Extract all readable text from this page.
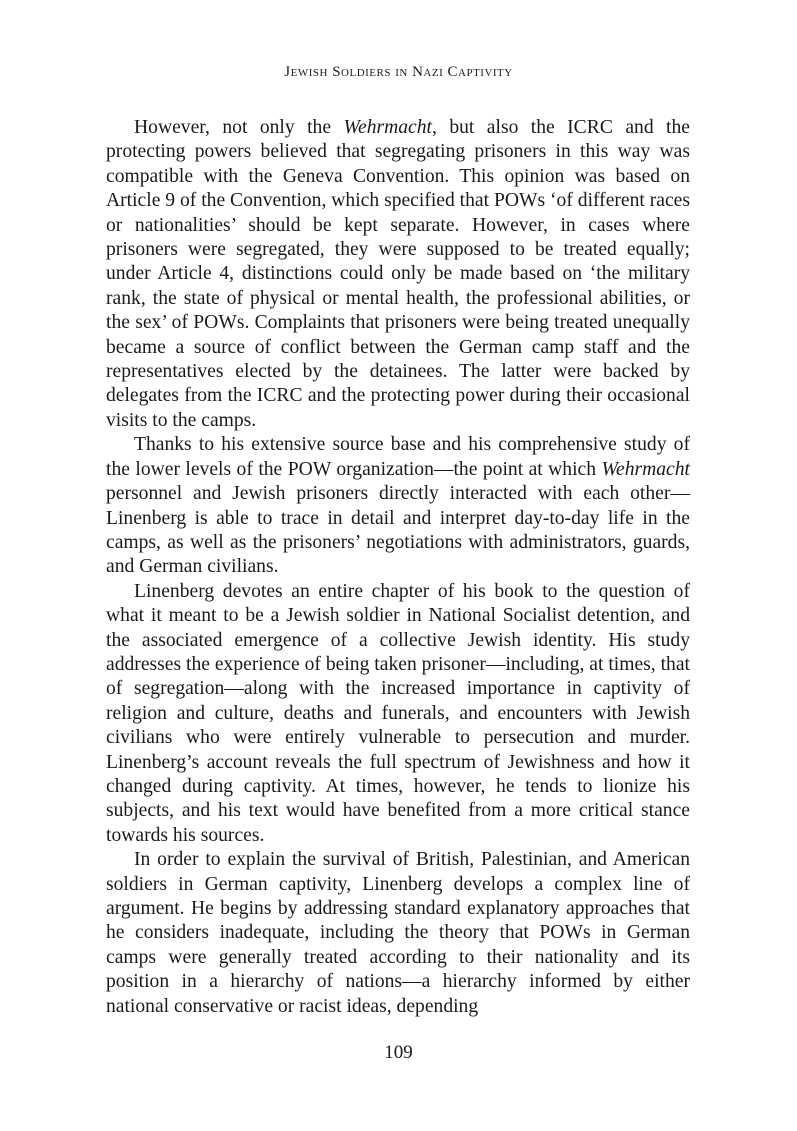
Jewish Soldiers in Nazi Captivity

However, not only the Wehrmacht, but also the ICRC and the protecting powers believed that segregating prisoners in this way was compatible with the Geneva Convention. This opinion was based on Article 9 of the Convention, which specified that POWs ‘of different races or nationalities’ should be kept separate. However, in cases where prisoners were segregated, they were supposed to be treated equally; under Article 4, distinctions could only be made based on ‘the military rank, the state of physical or mental health, the professional abilities, or the sex’ of POWs. Complaints that prisoners were being treated unequally became a source of conflict between the German camp staff and the representatives elected by the detainees. The latter were backed by delegates from the ICRC and the protecting power during their occasional visits to the camps.

Thanks to his extensive source base and his comprehensive study of the lower levels of the POW organization—the point at which Wehrmacht personnel and Jewish prisoners directly interacted with each other—Linenberg is able to trace in detail and interpret day-to-day life in the camps, as well as the prisoners’ negotiations with administrators, guards, and German civilians.

Linenberg devotes an entire chapter of his book to the question of what it meant to be a Jewish soldier in National Socialist detention, and the associated emergence of a collective Jewish identity. His study addresses the experience of being taken prisoner—including, at times, that of segregation—along with the increased importance in captivity of religion and culture, deaths and funerals, and encounters with Jewish civilians who were entirely vulnerable to persecution and murder. Linenberg’s account reveals the full spectrum of Jewishness and how it changed during captivity. At times, however, he tends to lionize his subjects, and his text would have benefited from a more critical stance towards his sources.

In order to explain the survival of British, Palestinian, and American soldiers in German captivity, Linenberg develops a complex line of argument. He begins by addressing standard explanatory approaches that he considers inadequate, including the theory that POWs in German camps were generally treated according to their nationality and its position in a hierarchy of nations—a hierarchy informed by either national conservative or racist ideas, depending

109
